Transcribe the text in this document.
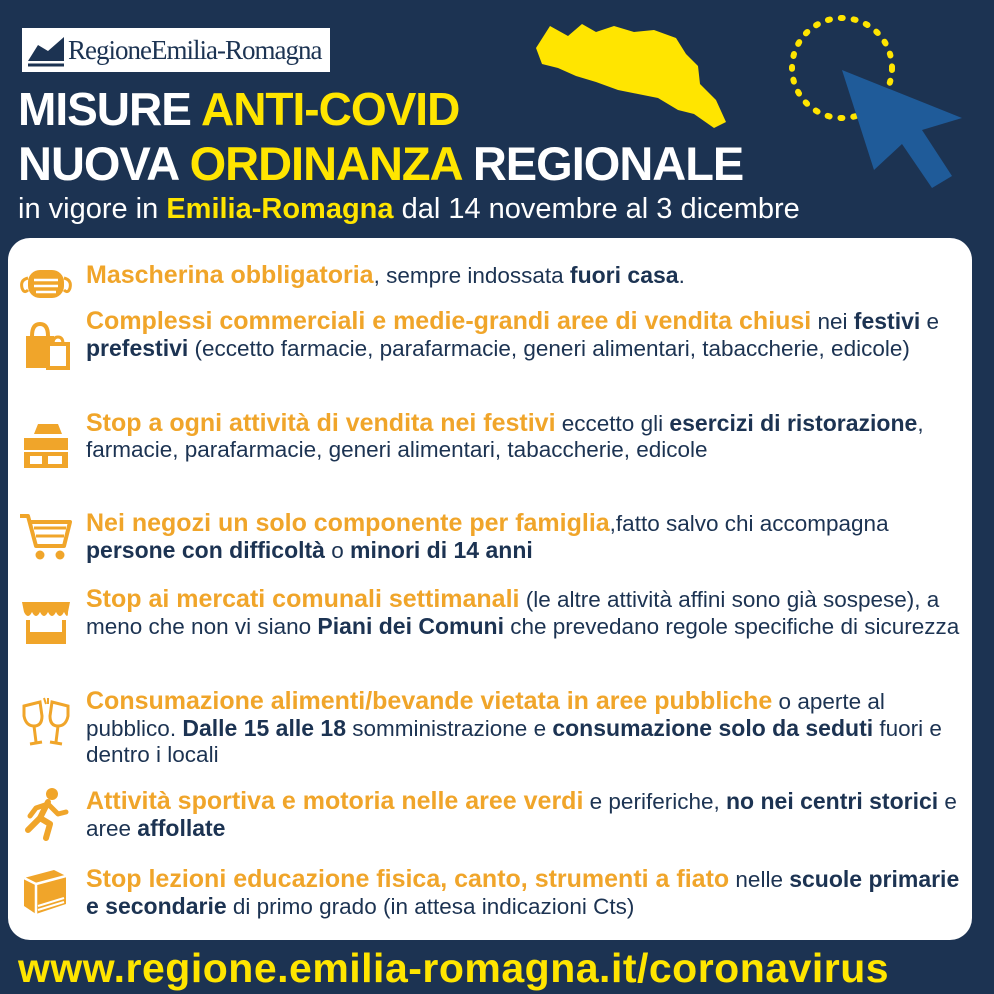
RegioneEmilia-Romagna
MISURE ANTI-COVID
NUOVA ORDINANZA REGIONALE
in vigore in Emilia-Romagna dal 14 novembre al 3 dicembre
Mascherina obbligatoria, sempre indossata fuori casa.
Complessi commerciali e medie-grandi aree di vendita chiusi nei festivi e prefestivi (eccetto farmacie, parafarmacie, generi alimentari, tabaccherie, edicole)
Stop a ogni attività di vendita nei festivi eccetto gli esercizi di ristorazione, farmacie, parafarmacie, generi alimentari, tabaccherie, edicole
Nei negozi un solo componente per famiglia,fatto salvo chi accompagna persone con difficoltà o minori di 14 anni
Stop ai mercati comunali settimanali (le altre attività affini sono già sospese), a meno che non vi siano Piani dei Comuni che prevedano regole specifiche di sicurezza
Consumazione alimenti/bevande vietata in aree pubbliche o aperte al pubblico. Dalle 15 alle 18 somministrazione e consumazione solo da seduti fuori e dentro i locali
Attività sportiva e motoria nelle aree verdi e periferiche, no nei centri storici e aree affollate
Stop lezioni educazione fisica, canto, strumenti a fiato nelle scuole primarie e secondarie di primo grado (in attesa indicazioni Cts)
www.regione.emilia-romagna.it/coronavirus
